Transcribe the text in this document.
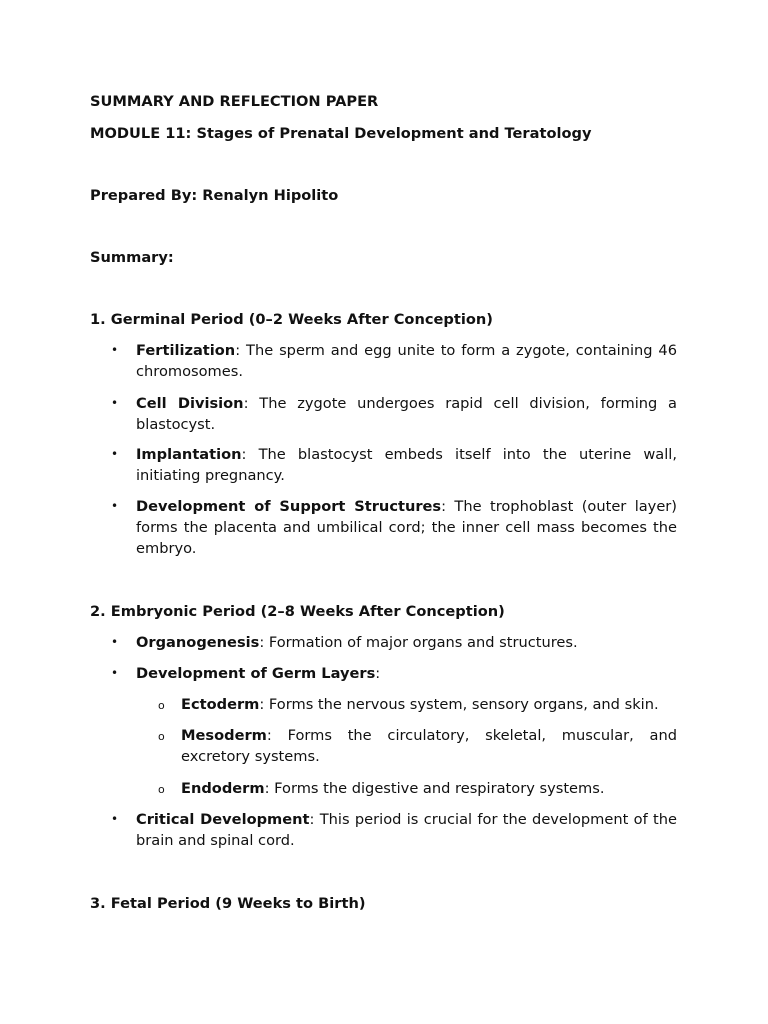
SUMMARY AND REFLECTION PAPER

MODULE 11: Stages of Prenatal Development and Teratology

Prepared By: Renalyn Hipolito

Summary:

1. Germinal Period (0–2 Weeks After Conception)

• Fertilization: The sperm and egg unite to form a zygote, containing 46 chromosomes.
• Cell Division: The zygote undergoes rapid cell division, forming a blastocyst.
• Implantation: The blastocyst embeds itself into the uterine wall, initiating pregnancy.
• Development of Support Structures: The trophoblast (outer layer) forms the placenta and umbilical cord; the inner cell mass becomes the embryo.

2. Embryonic Period (2–8 Weeks After Conception)

• Organogenesis: Formation of major organs and structures.
• Development of Germ Layers:
o Ectoderm: Forms the nervous system, sensory organs, and skin.
o Mesoderm: Forms the circulatory, skeletal, muscular, and excretory systems.
o Endoderm: Forms the digestive and respiratory systems.
• Critical Development: This period is crucial for the development of the brain and spinal cord.

3. Fetal Period (9 Weeks to Birth)
